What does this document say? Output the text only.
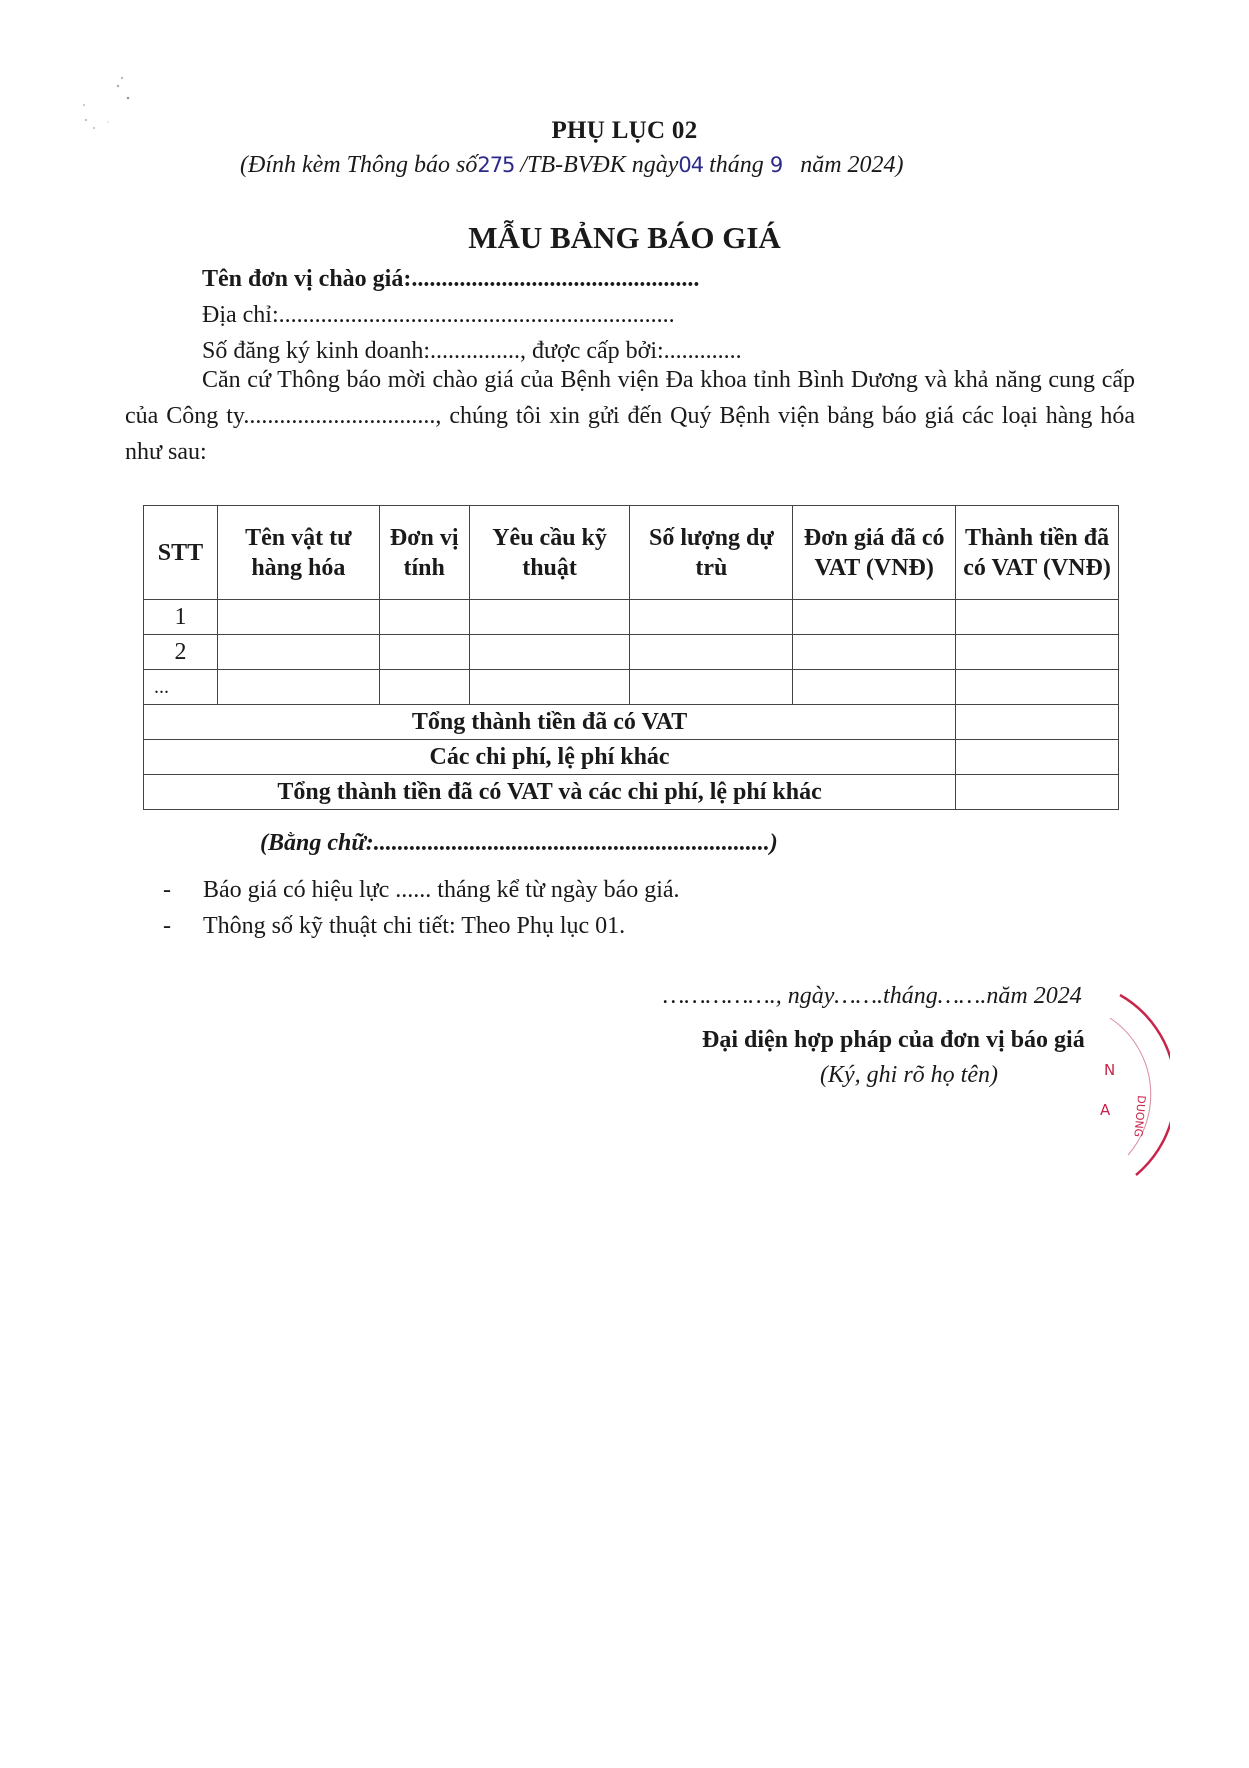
PHỤ LỤC 02
(Đính kèm Thông báo số275 /TB-BVĐK ngày04 tháng 9 năm 2024)
MẪU BẢNG BÁO GIÁ
Tên đơn vị chào giá:................................................
Địa chỉ:..................................................................
Số đăng ký kinh doanh:..............., được cấp bởi:.............
Căn cứ Thông báo mời chào giá của Bệnh viện Đa khoa tỉnh Bình Dương và khả năng cung cấp của Công ty................................, chúng tôi xin gửi đến Quý Bệnh viện bảng báo giá các loại hàng hóa như sau:
STT	Tên vật tư hàng hóa	Đơn vị tính	Yêu cầu kỹ thuật	Số lượng dự trù	Đơn giá đã có VAT (VNĐ)	Thành tiền đã có VAT (VNĐ)
1						
2						
...						
Tổng thành tiền đã có VAT						
Các chi phí, lệ phí khác						
Tổng thành tiền đã có VAT và các chi phí, lệ phí khác						
(Bằng chữ:..................................................................)
- Báo giá có hiệu lực ...... tháng kể từ ngày báo giá.
- Thông số kỹ thuật chi tiết: Theo Phụ lục 01.
……………., ngày…….tháng…….năm 2024
Đại diện hợp pháp của đơn vị báo giá
(Ký, ghi rõ họ tên)	N
A DUONG
